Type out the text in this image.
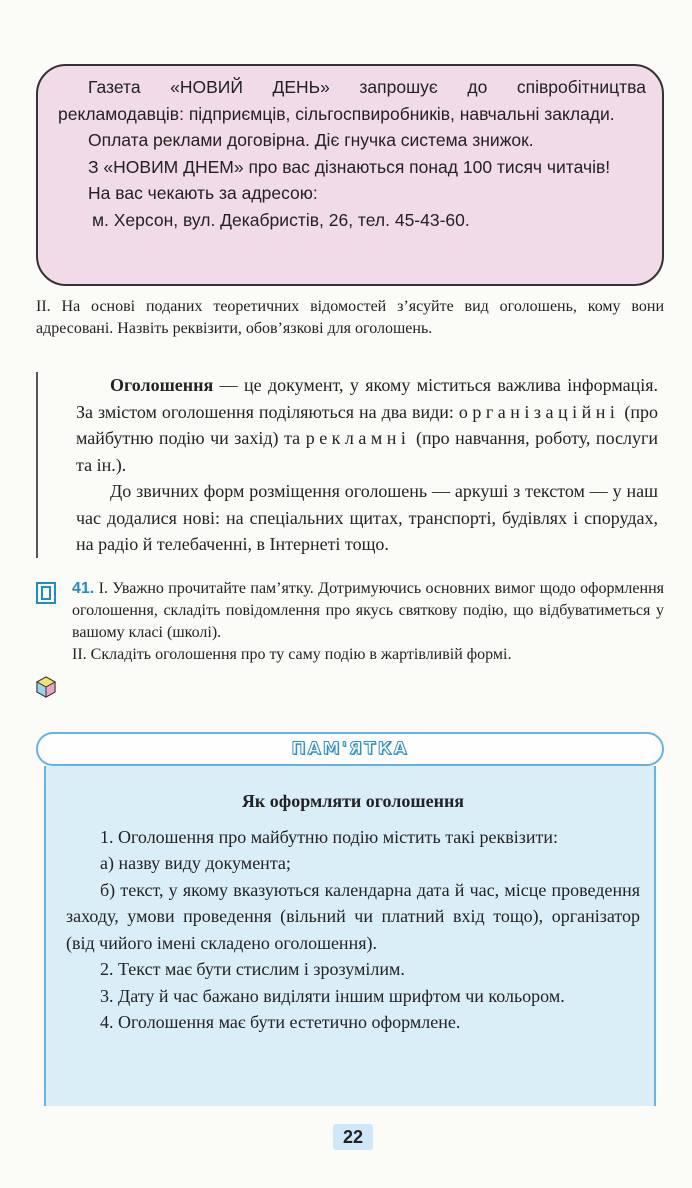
Газета «НОВИЙ ДЕНЬ» запрошує до співробітництва рекламодавців: підприємців, сільгоспвиробників, навчальні заклади.

Оплата реклами договірна. Діє гнучка система знижок.

З «НОВИМ ДНЕМ» про вас дізнаються понад 100 тисяч читачів!

На вас чекають за адресою:

м. Херсон, вул. Декабристів, 26, тел. 45-43-60.

II. На основі поданих теоретичних відомостей з’ясуйте вид оголошень, кому вони адресовані. Назвіть реквізити, обов’язкові для оголошень.

Оголошення — це документ, у якому міститься важлива інформація. За змістом оголошення поділяються на два види: організаційні (про майбутню подію чи захід) та рекламні (про навчання, роботу, послуги та ін.).

До звичних форм розміщення оголошень — аркуші з текстом — у наш час додалися нові: на спеціальних щитах, транспорті, будівлях і спорудах, на радіо й телебаченні, в Інтернеті тощо.

41. I. Уважно прочитайте пам’ятку. Дотримуючись основних вимог щодо оформлення оголошення, складіть повідомлення про якусь святкову подію, що відбуватиметься у вашому класі (школі).

II. Складіть оголошення про ту саму подію в жартівливій формі.

ПАМ'ЯТКА

Як оформляти оголошення

1. Оголошення про майбутню подію містить такі реквізити:

а) назву виду документа;

б) текст, у якому вказуються календарна дата й час, місце проведення заходу, умови проведення (вільний чи платний вхід тощо), організатор (від чийого імені складено оголошення).

2. Текст має бути стислим і зрозумілим.

3. Дату й час бажано виділяти іншим шрифтом чи кольором.

4. Оголошення має бути естетично оформлене.

22
